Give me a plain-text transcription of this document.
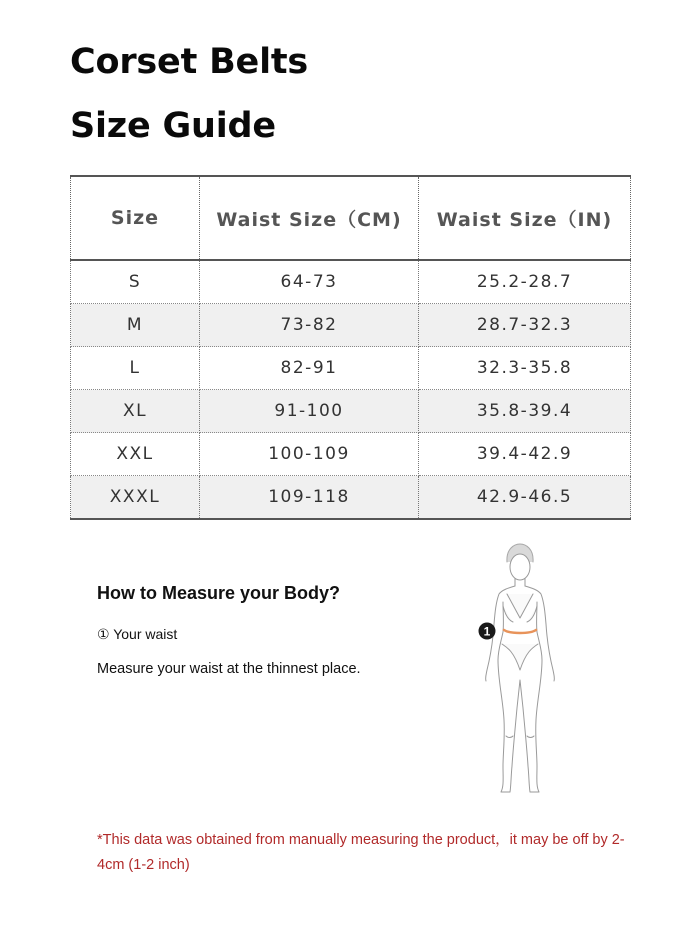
Corset Belts
Size Guide
Size	Waist Size（CM)	Waist Size（IN)
S	64-73	25.2-28.7
M	73-82	28.7-32.3
L	82-91	32.3-35.8
XL	91-100	35.8-39.4
XXL	100-109	39.4-42.9
XXXL	109-118	42.9-46.5
How to Measure your Body?
① Your waist
Measure your waist at the thinnest place.
1

*This data was obtained from manually measuring the product，it may be off by 2-4cm (1-2 inch)
